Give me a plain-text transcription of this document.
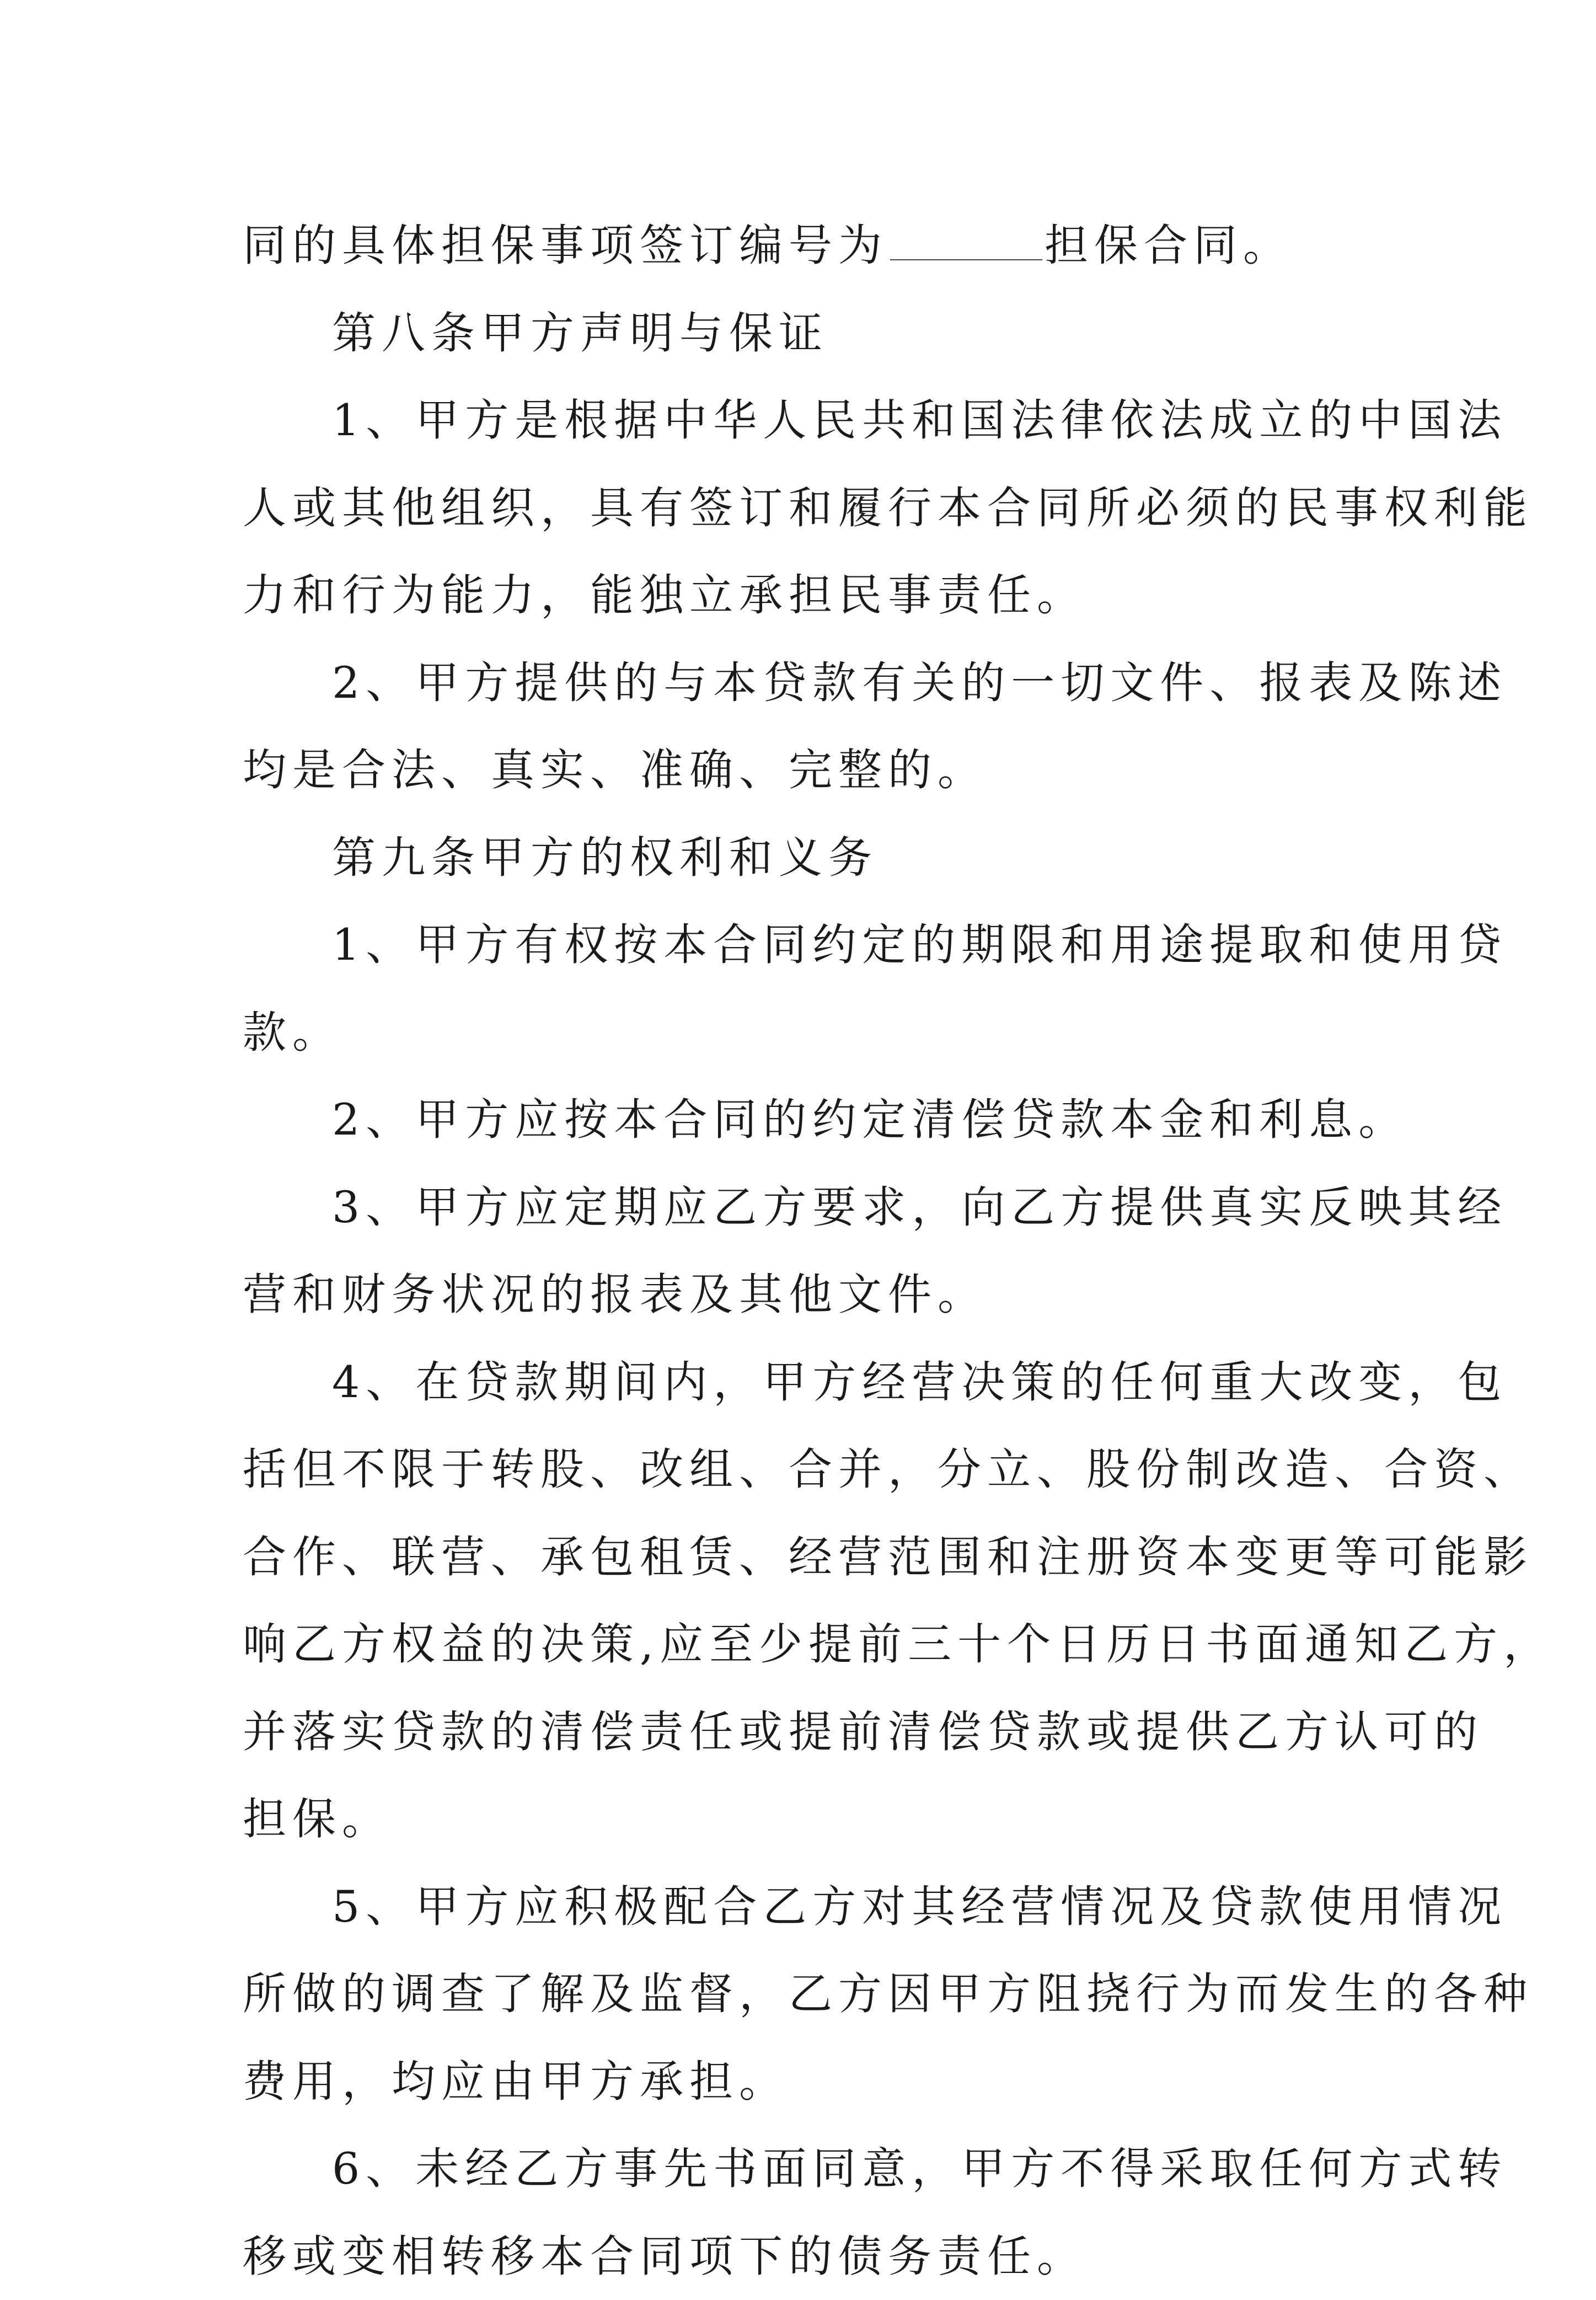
同的具体担保事项签订编号为	担保合同。

第八条甲方声明与保证

1、甲方是根据中华人民共和国法律依法成立的中国法

人或其他组织，具有签订和履行本合同所必须的民事权利能

力和行为能力，能独立承担民事责任。

2、甲方提供的与本贷款有关的一切文件、报表及陈述

均是合法、真实、准确、完整的。

第九条甲方的权利和义务

1、甲方有权按本合同约定的期限和用途提取和使用贷

款。

2、甲方应按本合同的约定清偿贷款本金和利息。

3、甲方应定期应乙方要求，向乙方提供真实反映其经

营和财务状况的报表及其他文件。

4、在贷款期间内，甲方经营决策的任何重大改变，包

括但不限于转股、改组、合并，分立、股份制改造、合资、

合作、联营、承包租赁、经营范围和注册资本变更等可能影

响乙方权益的决策,应至少提前三十个日历日书面通知乙方，

并落实贷款的清偿责任或提前清偿贷款或提供乙方认可的

担保。

5、甲方应积极配合乙方对其经营情况及贷款使用情况

所做的调查了解及监督，乙方因甲方阻挠行为而发生的各种

费用，均应由甲方承担。

6、未经乙方事先书面同意，甲方不得采取任何方式转

移或变相转移本合同项下的债务责任。
